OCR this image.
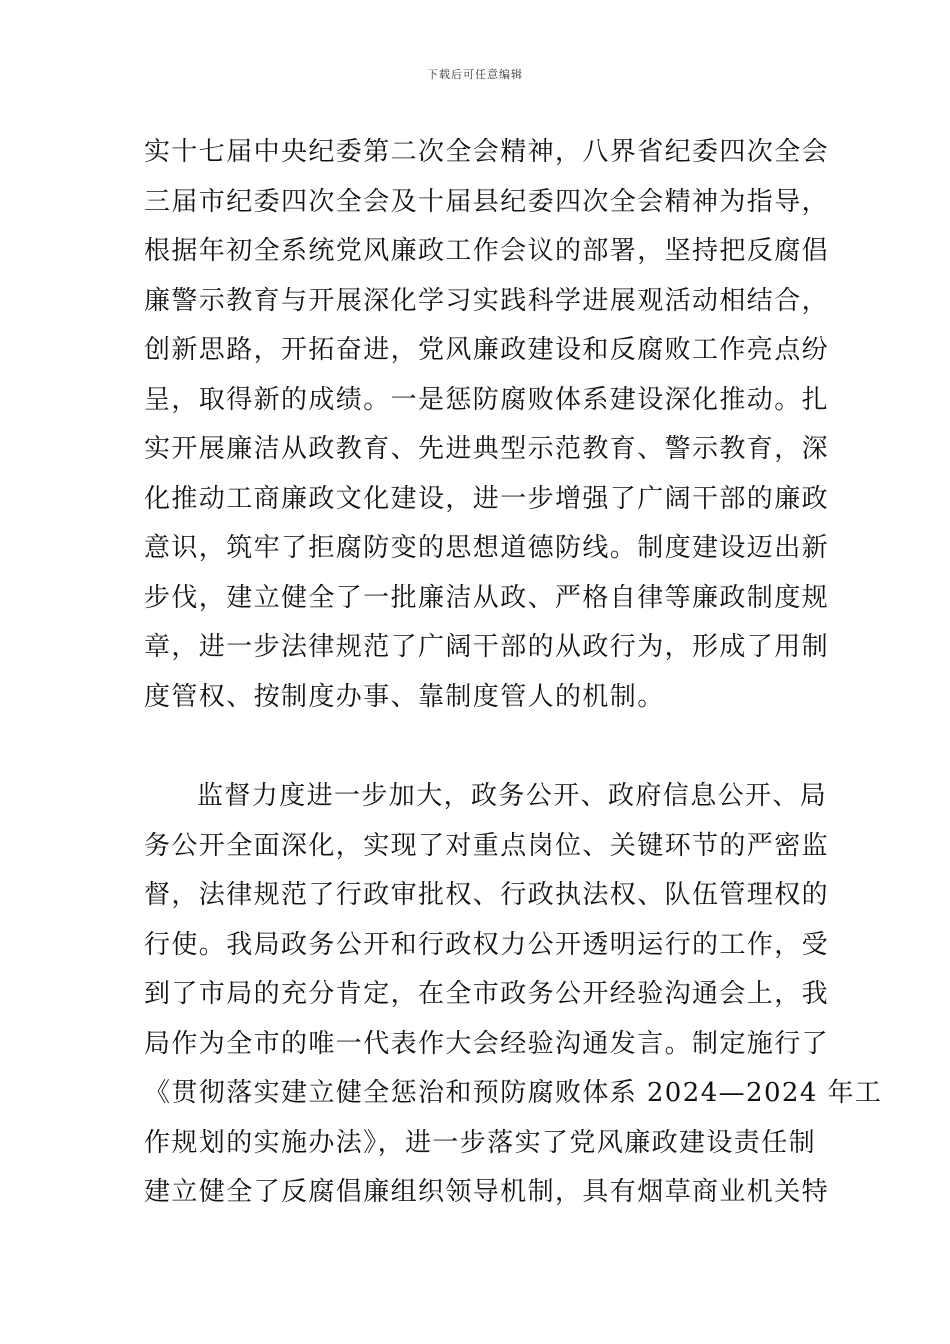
下载后可任意编辑
实十七届中央纪委第二次全会精神，八界省纪委四次全会
三届市纪委四次全会及十届县纪委四次全会精神为指导，
根据年初全系统党风廉政工作会议的部署，坚持把反腐倡
廉警示教育与开展深化学习实践科学进展观活动相结合，
创新思路，开拓奋进，党风廉政建设和反腐败工作亮点纷
呈，取得新的成绩。一是惩防腐败体系建设深化推动。扎
实开展廉洁从政教育、先进典型示范教育、警示教育，深
化推动工商廉政文化建设，进一步增强了广阔干部的廉政
意识，筑牢了拒腐防变的思想道德防线。制度建设迈出新
步伐，建立健全了一批廉洁从政、严格自律等廉政制度规
章，进一步法律规范了广阔干部的从政行为，形成了用制
度管权、按制度办事、靠制度管人的机制。
监督力度进一步加大，政务公开、政府信息公开、局
务公开全面深化，实现了对重点岗位、关键环节的严密监
督，法律规范了行政审批权、行政执法权、队伍管理权的
行使。我局政务公开和行政权力公开透明运行的工作，受
到了市局的充分肯定，在全市政务公开经验沟通会上，我
局作为全市的唯一代表作大会经验沟通发言。制定施行了
《贯彻落实建立健全惩治和预防腐败体系 2024—2024 年工
作规划的实施办法》，进一步落实了党风廉政建设责任制
建立健全了反腐倡廉组织领导机制，具有烟草商业机关特
